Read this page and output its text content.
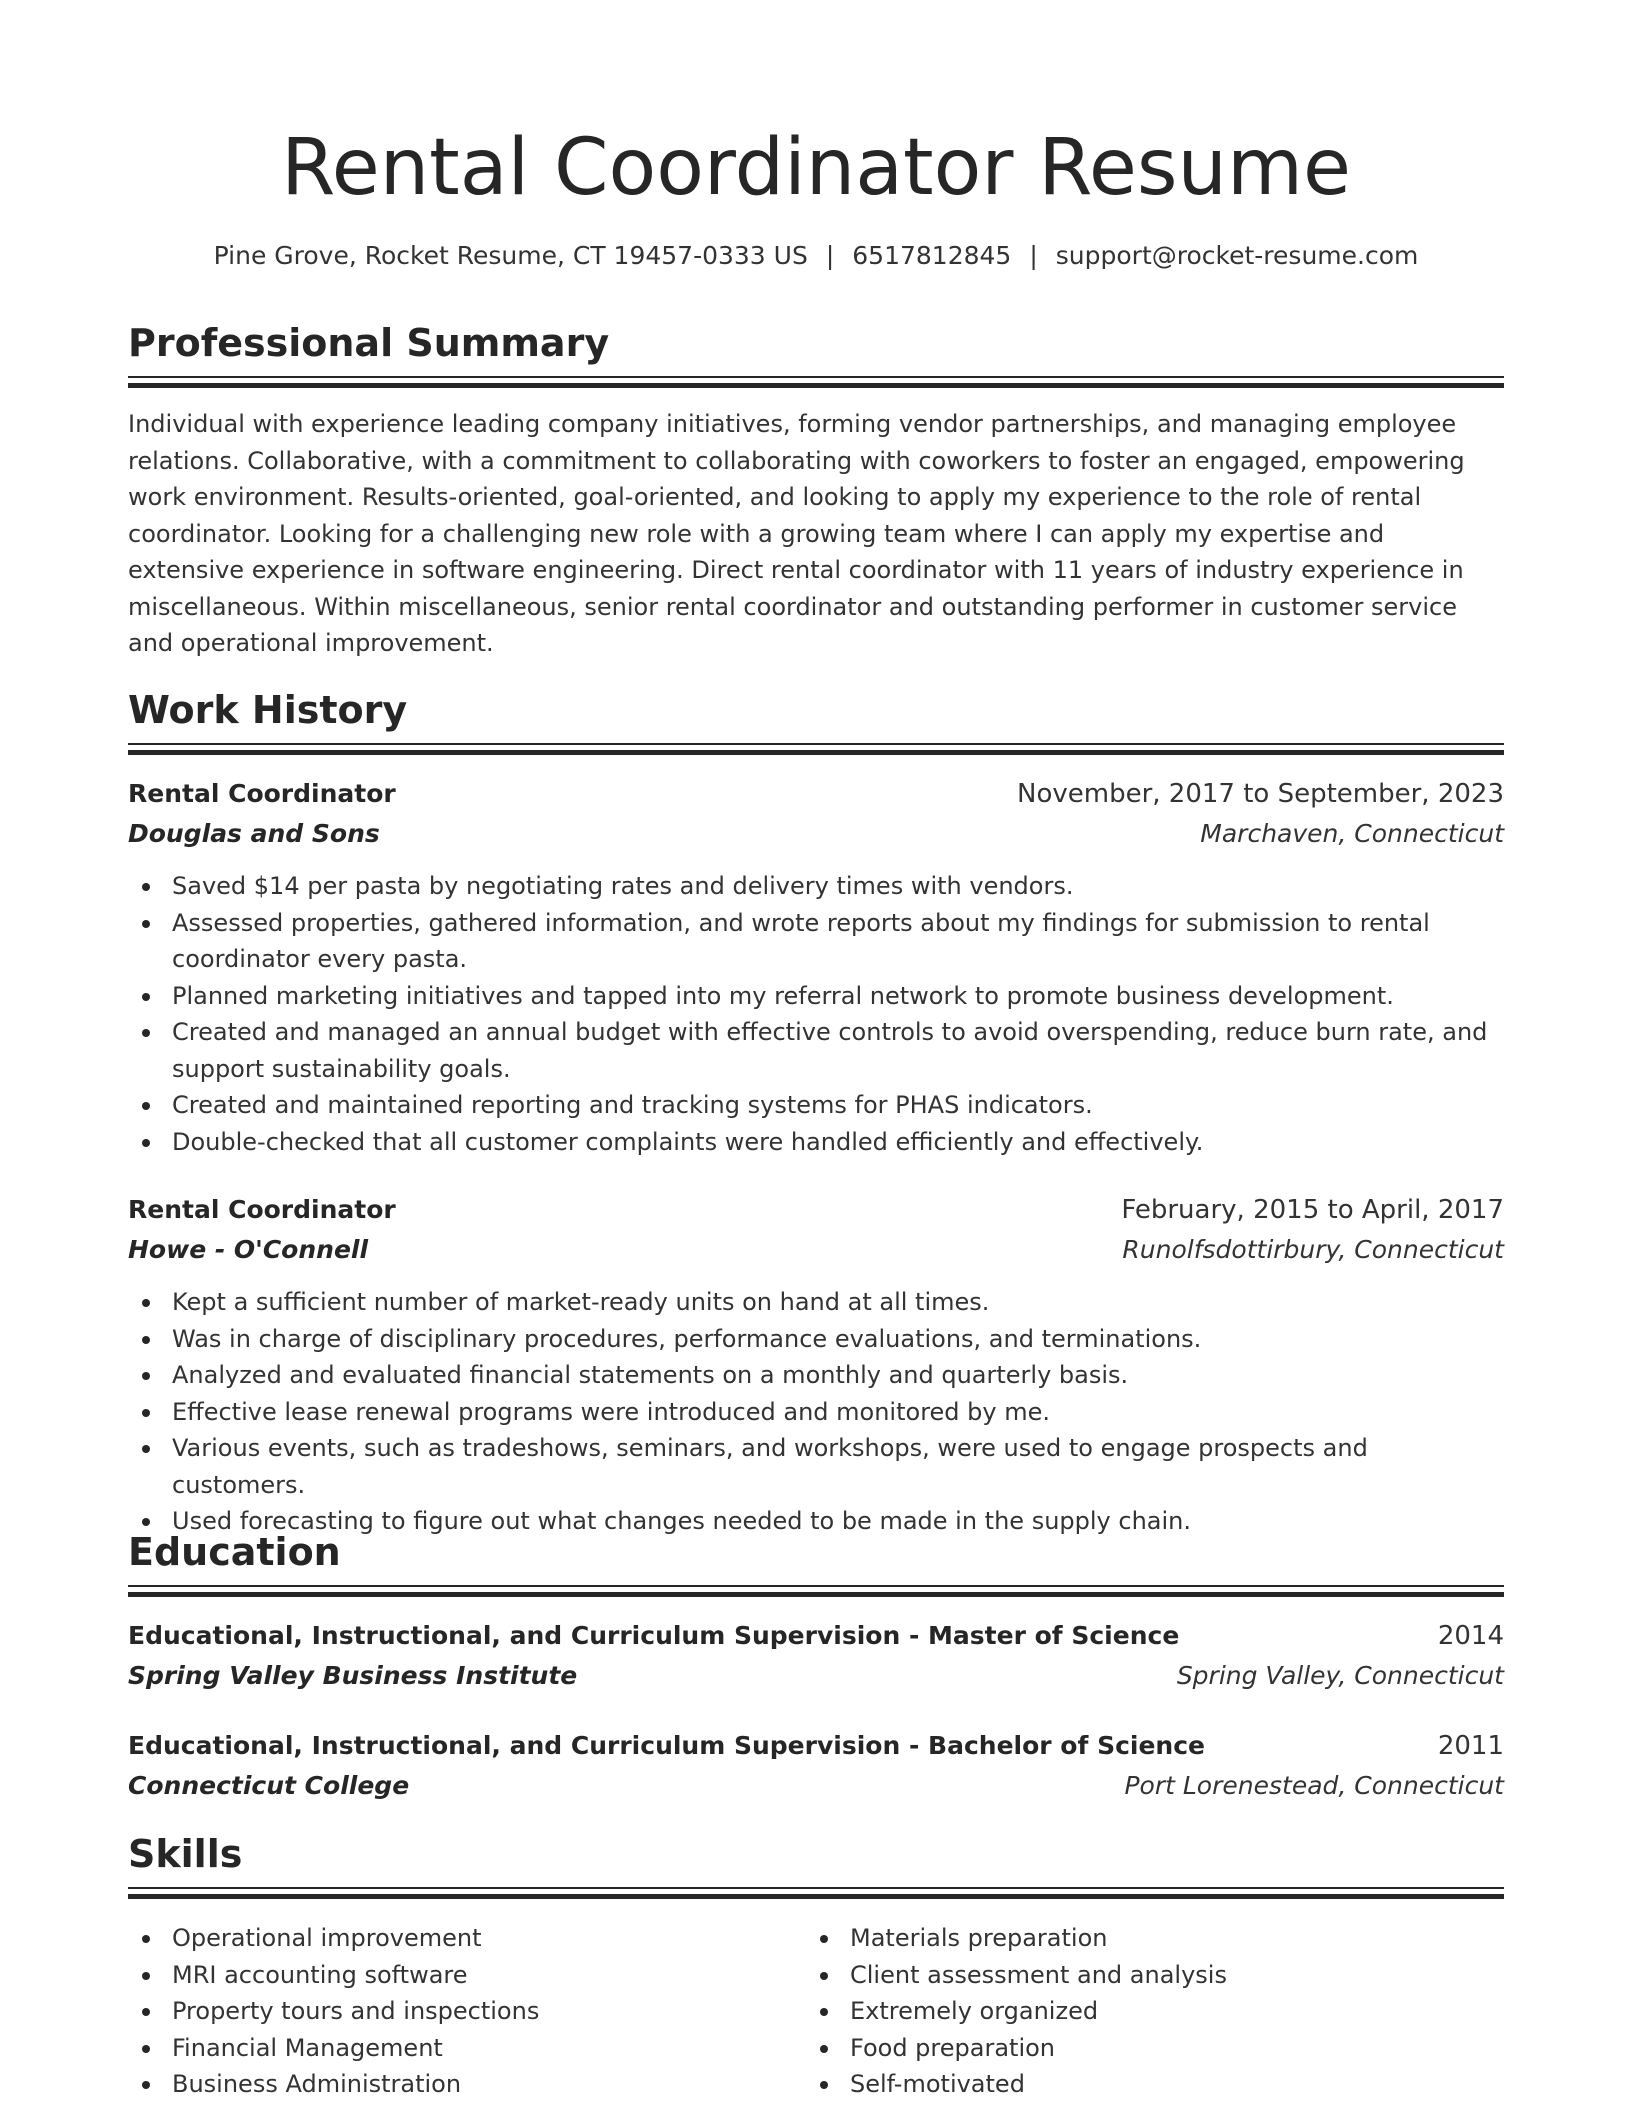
Rental Coordinator Resume
Pine Grove, Rocket Resume, CT 19457-0333 US | 6517812845 | support@rocket-resume.com
Professional Summary

Individual with experience leading company initiatives, forming vendor partnerships, and managing employee relations. Collaborative, with a commitment to collaborating with coworkers to foster an engaged, empowering work environment. Results-oriented, goal-oriented, and looking to apply my experience to the role of rental coordinator. Looking for a challenging new role with a growing team where I can apply my expertise and extensive experience in software engineering. Direct rental coordinator with 11 years of industry experience in miscellaneous. Within miscellaneous, senior rental coordinator and outstanding performer in customer service and operational improvement.

Work History
Rental Coordinator	November, 2017 to September, 2023
Douglas and Sons	Marchaven, Connecticut
Saved $14 per pasta by negotiating rates and delivery times with vendors.
Assessed properties, gathered information, and wrote reports about my findings for submission to rental coordinator every pasta.
Planned marketing initiatives and tapped into my referral network to promote business development.
Created and managed an annual budget with effective controls to avoid overspending, reduce burn rate, and support sustainability goals.
Created and maintained reporting and tracking systems for PHAS indicators.
Double-checked that all customer complaints were handled efficiently and effectively.
Rental Coordinator	February, 2015 to April, 2017
Howe - O'Connell	Runolfsdottirbury, Connecticut
Kept a sufficient number of market-ready units on hand at all times.
Was in charge of disciplinary procedures, performance evaluations, and terminations.
Analyzed and evaluated financial statements on a monthly and quarterly basis.
Effective lease renewal programs were introduced and monitored by me.
Various events, such as tradeshows, seminars, and workshops, were used to engage prospects and customers.
Used forecasting to figure out what changes needed to be made in the supply chain.
Education
Educational, Instructional, and Curriculum Supervision - Master of Science	2014
Spring Valley Business Institute	Spring Valley, Connecticut
Educational, Instructional, and Curriculum Supervision - Bachelor of Science	2011
Connecticut College	Port Lorenestead, Connecticut
Skills
Operational improvement
MRI accounting software
Property tours and inspections
Financial Management
Business Administration
Materials preparation
Client assessment and analysis
Extremely organized
Food preparation
Self-motivated
